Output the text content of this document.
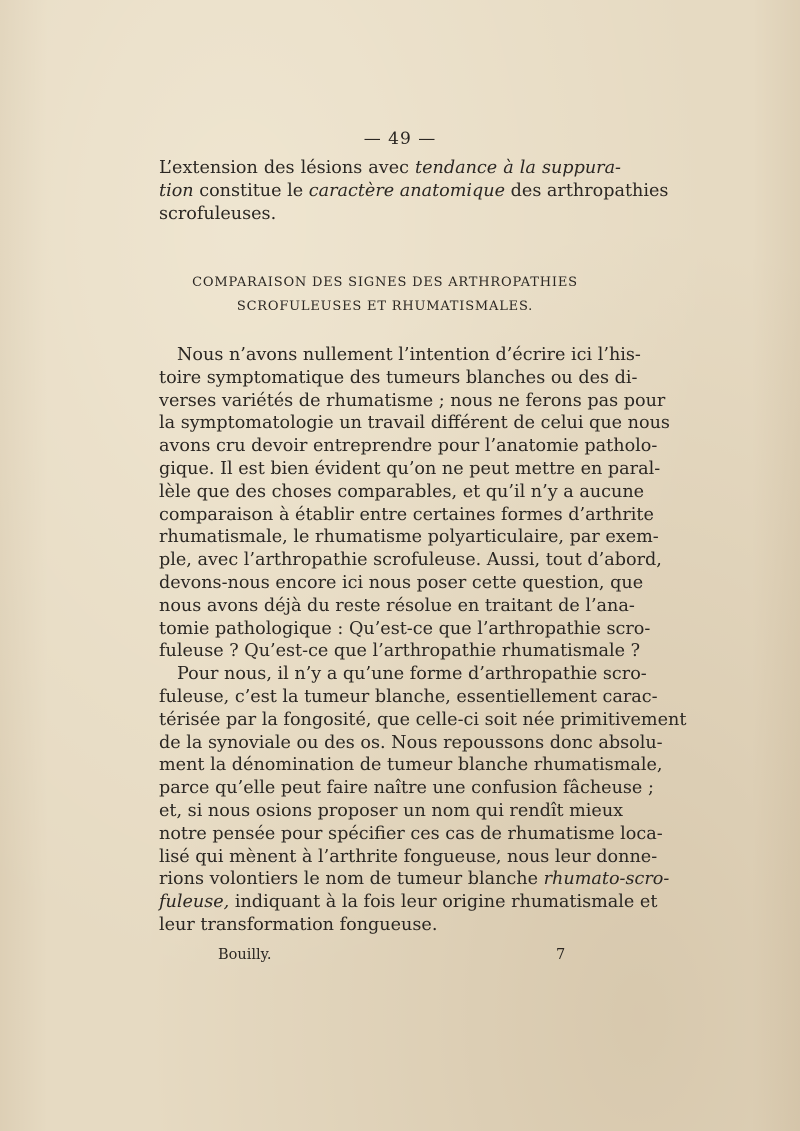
— 49 —
L’extension des lésions avec tendance à la suppura-
tion constitue le caractère anatomique des arthropathies
scrofuleuses.
COMPARAISON DES SIGNES DES ARTHROPATHIES
SCROFULEUSES ET RHUMATISMALES.
Nous n’avons nullement l’intention d’écrire ici l’his-
toire symptomatique des tumeurs blanches ou des di-
verses variétés de rhumatisme ; nous ne ferons pas pour
la symptomatologie un travail différent de celui que nous
avons cru devoir entreprendre pour l’anatomie patholo-
gique. Il est bien évident qu’on ne peut mettre en paral-
lèle que des choses comparables, et qu’il n’y a aucune
comparaison à établir entre certaines formes d’arthrite
rhumatismale, le rhumatisme polyarticulaire, par exem-
ple, avec l’arthropathie scrofuleuse. Aussi, tout d’abord,
devons-nous encore ici nous poser cette question, que
nous avons déjà du reste résolue en traitant de l’ana-
tomie pathologique : Qu’est-ce que l’arthropathie scro-
fuleuse ? Qu’est-ce que l’arthropathie rhumatismale ?
Pour nous, il n’y a qu’une forme d’arthropathie scro-
fuleuse, c’est la tumeur blanche, essentiellement carac-
térisée par la fongosité, que celle-ci soit née primitivement
de la synoviale ou des os. Nous repoussons donc absolu-
ment la dénomination de tumeur blanche rhumatismale,
parce qu’elle peut faire naître une confusion fâcheuse ;
et, si nous osions proposer un nom qui rendît mieux
notre pensée pour spécifier ces cas de rhumatisme loca-
lisé qui mènent à l’arthrite fongueuse, nous leur donne-
rions volontiers le nom de tumeur blanche rhumato-scro-
fuleuse, indiquant à la fois leur origine rhumatismale et
leur transformation fongueuse.
Bouilly.	7
